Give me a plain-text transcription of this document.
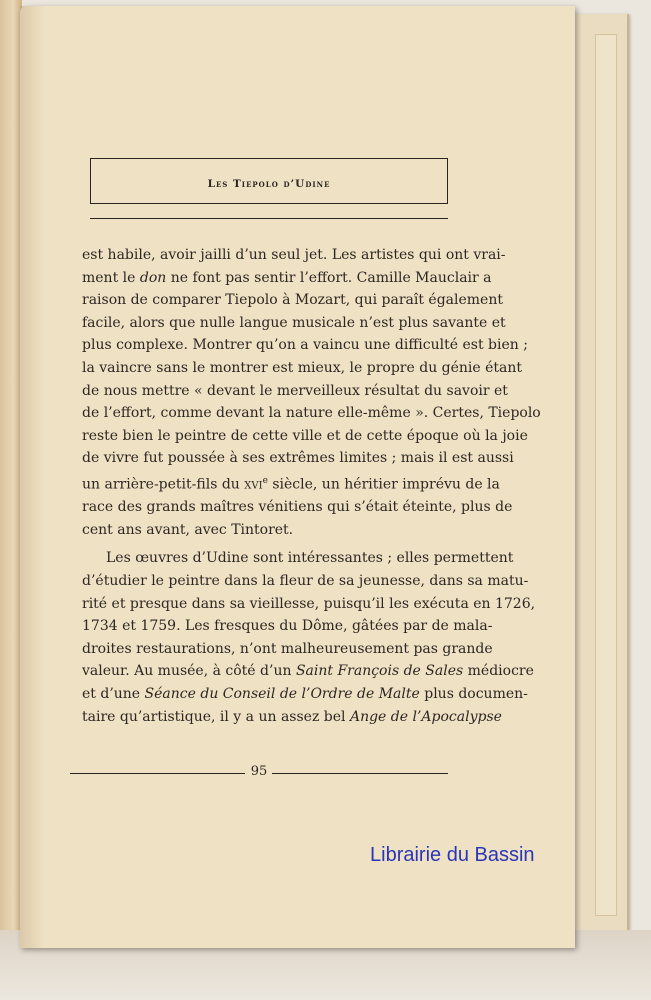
Les Tiepolo d’Udine
est habile, avoir jailli d’un seul jet. Les artistes qui ont vrai-
ment le don ne font pas sentir l’effort. Camille Mauclair a
raison de comparer Tiepolo à Mozart, qui paraît également
facile, alors que nulle langue musicale n’est plus savante et
plus complexe. Montrer qu’on a vaincu une difficulté est bien ;
la vaincre sans le montrer est mieux, le propre du génie étant
de nous mettre « devant le merveilleux résultat du savoir et
de l’effort, comme devant la nature elle-même ». Certes, Tiepolo
reste bien le peintre de cette ville et de cette époque où la joie
de vivre fut poussée à ses extrêmes limites ; mais il est aussi
un arrière-petit-fils du xvi$^e$ siècle, un héritier imprévu de la
race des grands maîtres vénitiens qui s’était éteinte, plus de
cent ans avant, avec Tintoret.
Les œuvres d’Udine sont intéressantes ; elles permettent
d’étudier le peintre dans la fleur de sa jeunesse, dans sa matu-
rité et presque dans sa vieillesse, puisqu’il les exécuta en 1726,
1734 et 1759. Les fresques du Dôme, gâtées par de mala-
droites restaurations, n’ont malheureusement pas grande
valeur. Au musée, à côté d’un Saint François de Sales médiocre
et d’une Séance du Conseil de l’Ordre de Malte plus documen-
taire qu’artistique, il y a un assez bel Ange de l’Apocalypse
95
Librairie du Bassin
